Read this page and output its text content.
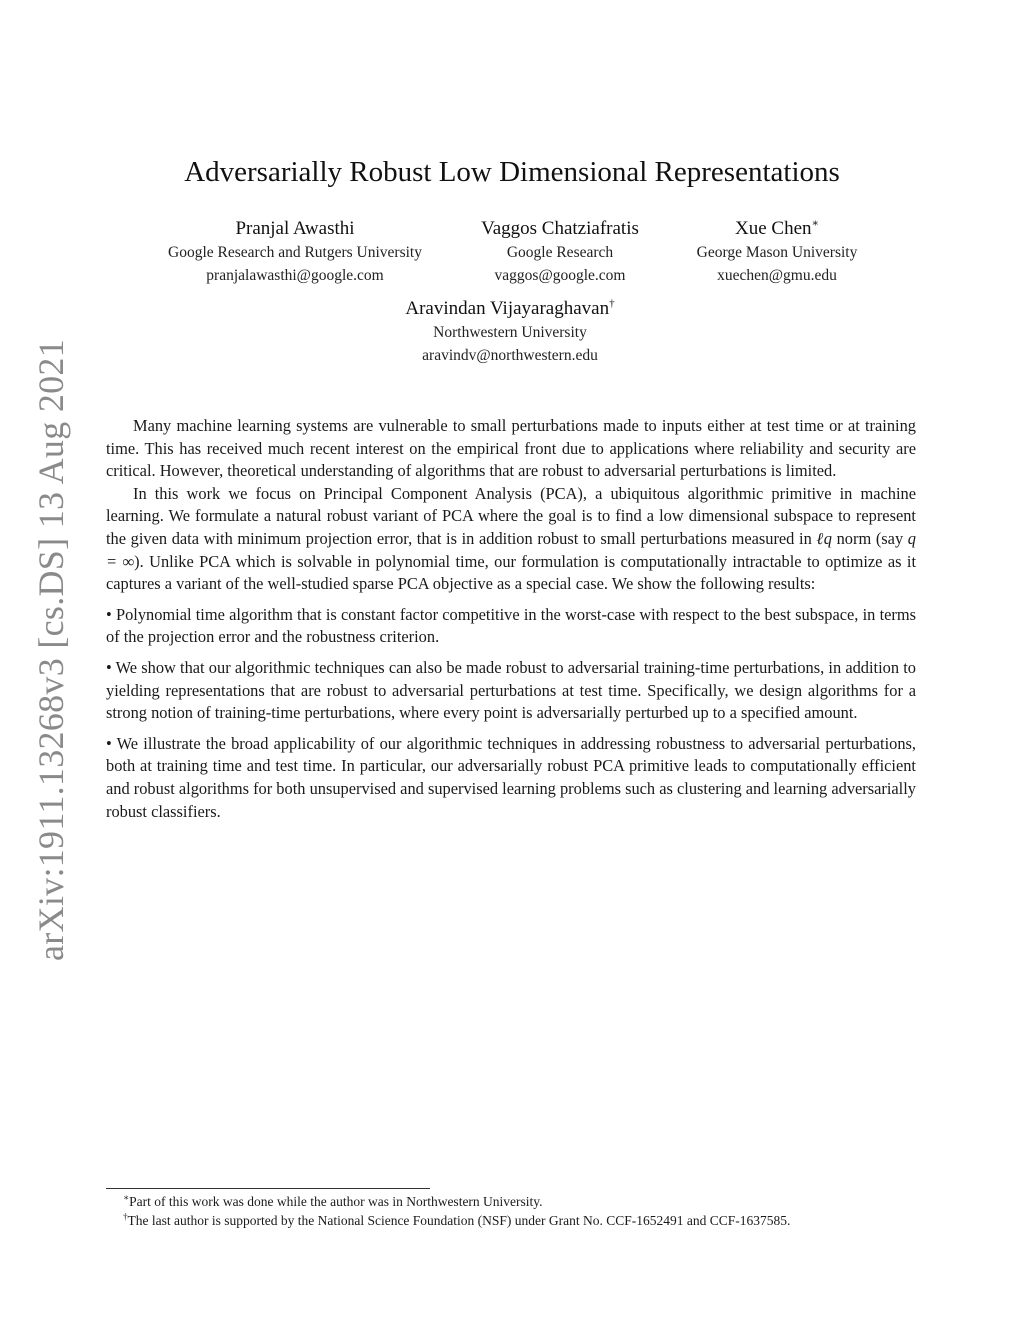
arXiv:1911.13268v3 [cs.DS] 13 Aug 2021
Adversarially Robust Low Dimensional Representations
Pranjal Awasthi
Google Research and Rutgers University
pranjalawasthi@google.com
Vaggos Chatziafratis
Google Research
vaggos@google.com
Xue Chen∗
George Mason University
xuechen@gmu.edu
Aravindan Vijayaraghavan†
Northwestern University
aravindv@northwestern.edu

Many machine learning systems are vulnerable to small perturbations made to inputs either at test time or at training time. This has received much recent interest on the empirical front due to applications where reliability and security are critical. However, theoretical understanding of algorithms that are robust to adversarial perturbations is limited.

In this work we focus on Principal Component Analysis (PCA), a ubiquitous algorithmic primitive in machine learning. We formulate a natural robust variant of PCA where the goal is to find a low dimensional subspace to represent the given data with minimum projection error, that is in addition robust to small perturbations measured in ℓq norm (say q = ∞). Unlike PCA which is solvable in polynomial time, our formulation is computationally intractable to optimize as it captures a variant of the well-studied sparse PCA objective as a special case. We show the following results:

• Polynomial time algorithm that is constant factor competitive in the worst-case with respect to the best subspace, in terms of the projection error and the robustness criterion.

• We show that our algorithmic techniques can also be made robust to adversarial training-time perturbations, in addition to yielding representations that are robust to adversarial perturbations at test time. Specifically, we design algorithms for a strong notion of training-time perturbations, where every point is adversarially perturbed up to a specified amount.

• We illustrate the broad applicability of our algorithmic techniques in addressing robustness to adversarial perturbations, both at training time and test time. In particular, our adversarially robust PCA primitive leads to computationally efficient and robust algorithms for both unsupervised and supervised learning problems such as clustering and learning adversarially robust classifiers.

∗Part of this work was done while the author was in Northwestern University.

†The last author is supported by the National Science Foundation (NSF) under Grant No. CCF-1652491 and CCF-1637585.
